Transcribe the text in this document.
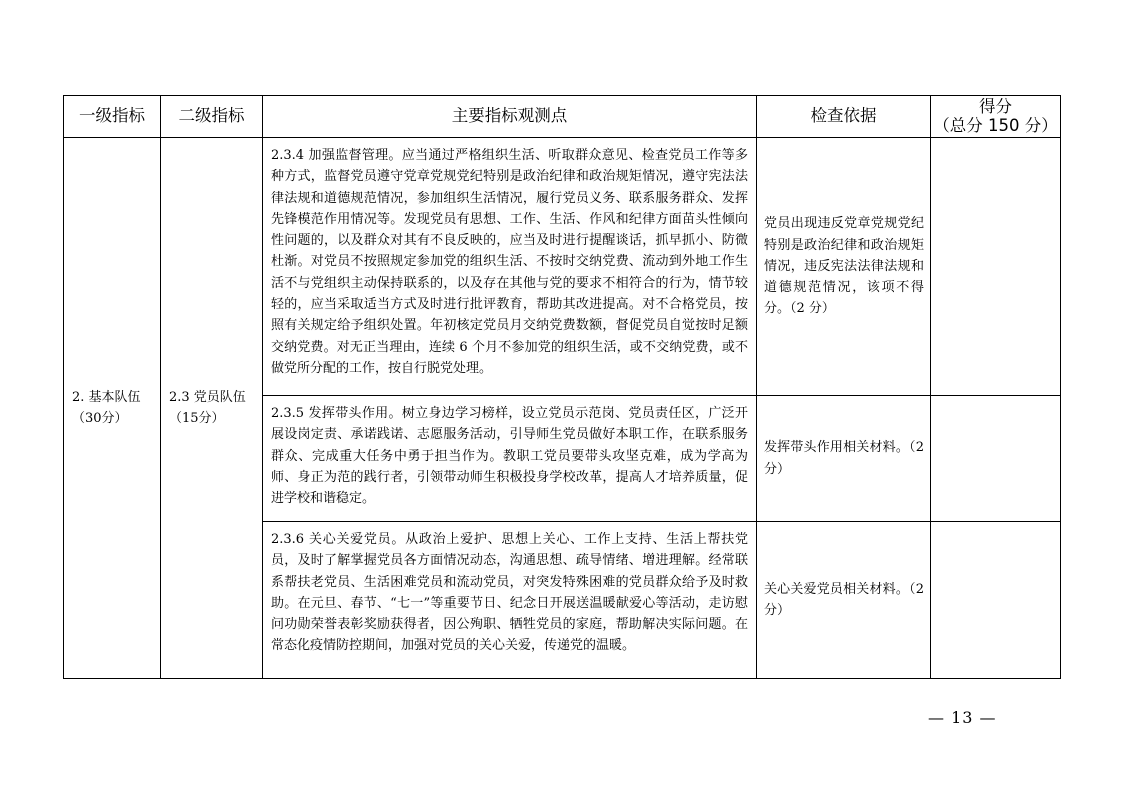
一级指标	二级指标	主要指标观测点	检查依据	得分
（总分 150 分）
2. 基本队伍
（30分）	2.3 党员队伍
（15分）	2.3.4 加强监督管理。应当通过严格组织生活、听取群众意见、检查党员工作等多种方式，监督党员遵守党章党规党纪特别是政治纪律和政治规矩情况，遵守宪法法律法规和道德规范情况，参加组织生活情况，履行党员义务、联系服务群众、发挥先锋模范作用情况等。发现党员有思想、工作、生活、作风和纪律方面苗头性倾向性问题的，以及群众对其有不良反映的，应当及时进行提醒谈话，抓早抓小、防微杜渐。对党员不按照规定参加党的组织生活、不按时交纳党费、流动到外地工作生活不与党组织主动保持联系的，以及存在其他与党的要求不相符合的行为，情节较轻的，应当采取适当方式及时进行批评教育，帮助其改进提高。对不合格党员，按照有关规定给予组织处置。年初核定党员月交纳党费数额，督促党员自觉按时足额交纳党费。对无正当理由，连续 6 个月不参加党的组织生活，或不交纳党费，或不做党所分配的工作，按自行脱党处理。	党员出现违反党章党规党纪特别是政治纪律和政治规矩情况，违反宪法法律法规和道德规范情况，该项不得分。（2 分）	
		2.3.5 发挥带头作用。树立身边学习榜样，设立党员示范岗、党员责任区，广泛开展设岗定责、承诺践诺、志愿服务活动，引导师生党员做好本职工作，在联系服务群众、完成重大任务中勇于担当作为。教职工党员要带头攻坚克难，成为学高为师、身正为范的践行者，引领带动师生积极投身学校改革，提高人才培养质量，促进学校和谐稳定。	发挥带头作用相关材料。（2分）	
		2.3.6 关心关爱党员。从政治上爱护、思想上关心、工作上支持、生活上帮扶党员，及时了解掌握党员各方面情况动态，沟通思想、疏导情绪、增进理解。经常联系帮扶老党员、生活困难党员和流动党员，对突发特殊困难的党员群众给予及时救助。在元旦、春节、“七一”等重要节日、纪念日开展送温暖献爱心等活动，走访慰问功勋荣誉表彰奖励获得者，因公殉职、牺牲党员的家庭，帮助解决实际问题。在常态化疫情防控期间，加强对党员的关心关爱，传递党的温暖。	关心关爱党员相关材料。（2分）	
— 13 —
